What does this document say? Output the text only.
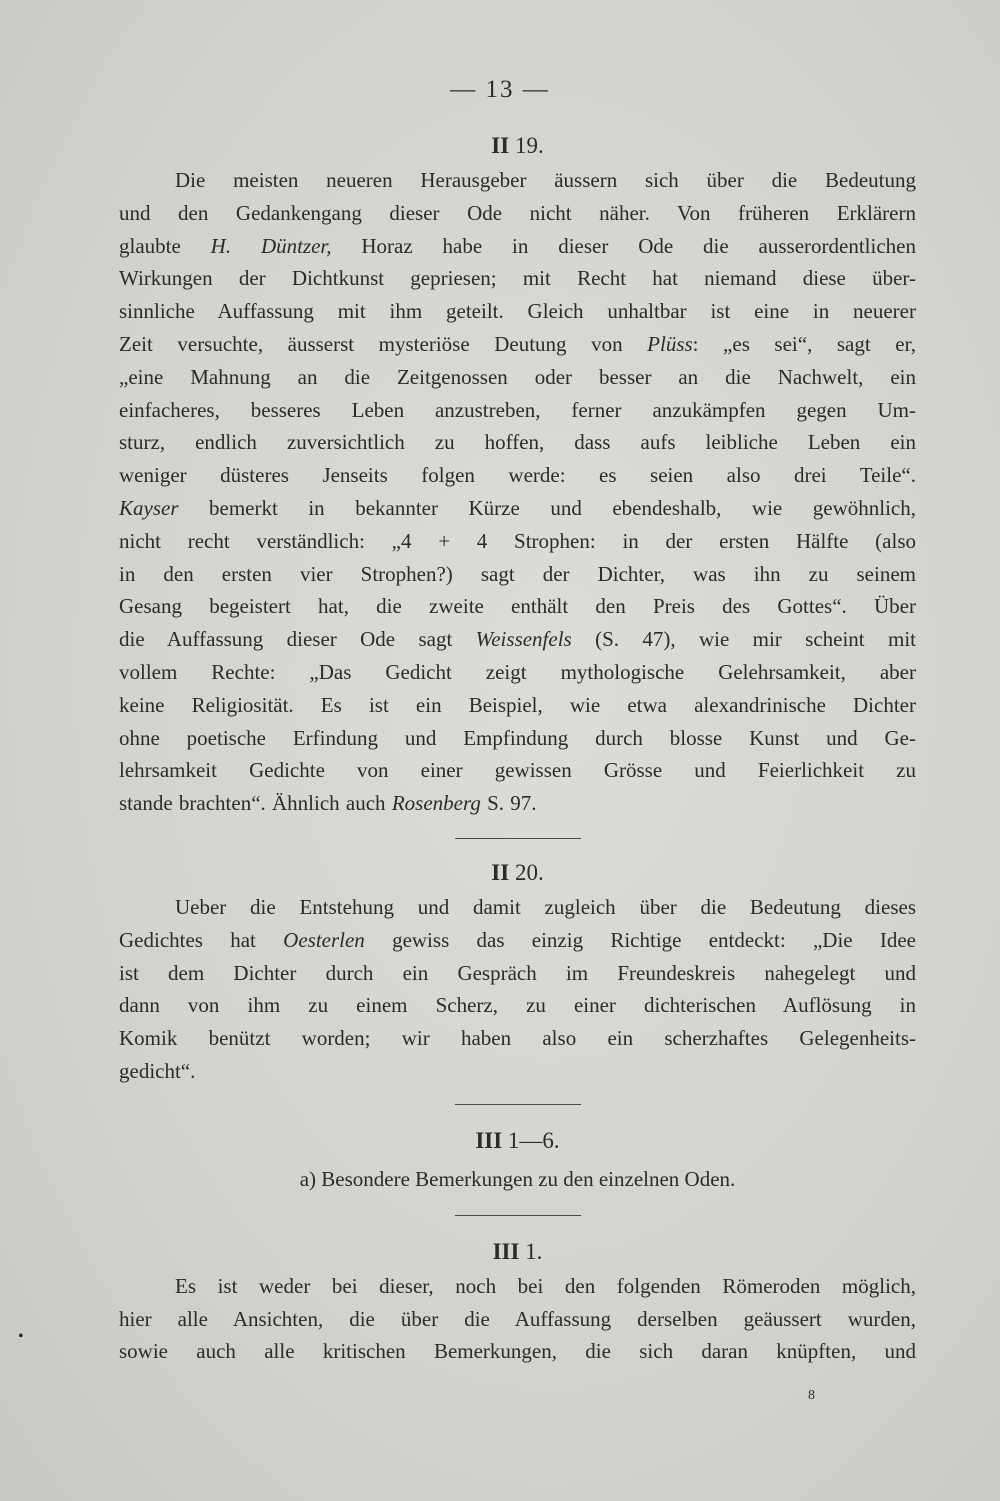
— 13 —
II 19.
Die meisten neueren Herausgeber äussern sich über die Bedeutung
und den Gedankengang dieser Ode nicht näher. Von früheren Erklärern
glaubte H. Düntzer, Horaz habe in dieser Ode die ausserordentlichen
Wirkungen der Dichtkunst gepriesen; mit Recht hat niemand diese über-
sinnliche Auffassung mit ihm geteilt. Gleich unhaltbar ist eine in neuerer
Zeit versuchte, äusserst mysteriöse Deutung von Plüss: „es sei“, sagt er,
„eine Mahnung an die Zeitgenossen oder besser an die Nachwelt, ein
einfacheres, besseres Leben anzustreben, ferner anzukämpfen gegen Um-
sturz, endlich zuversichtlich zu hoffen, dass aufs leibliche Leben ein
weniger düsteres Jenseits folgen werde: es seien also drei Teile“.
Kayser bemerkt in bekannter Kürze und ebendeshalb, wie gewöhnlich,
nicht recht verständlich: „4 + 4 Strophen: in der ersten Hälfte (also
in den ersten vier Strophen?) sagt der Dichter, was ihn zu seinem
Gesang begeistert hat, die zweite enthält den Preis des Gottes“. Über
die Auffassung dieser Ode sagt Weissenfels (S. 47), wie mir scheint mit
vollem Rechte: „Das Gedicht zeigt mythologische Gelehrsamkeit, aber
keine Religiosität. Es ist ein Beispiel, wie etwa alexandrinische Dichter
ohne poetische Erfindung und Empfindung durch blosse Kunst und Ge-
lehrsamkeit Gedichte von einer gewissen Grösse und Feierlichkeit zu
stande brachten“. Ähnlich auch Rosenberg S. 97.
II 20.
Ueber die Entstehung und damit zugleich über die Bedeutung dieses
Gedichtes hat Oesterlen gewiss das einzig Richtige entdeckt: „Die Idee
ist dem Dichter durch ein Gespräch im Freundeskreis nahegelegt und
dann von ihm zu einem Scherz, zu einer dichterischen Auflösung in
Komik benützt worden; wir haben also ein scherzhaftes Gelegenheits-
gedicht“.
III 1—6.
a) Besondere Bemerkungen zu den einzelnen Oden.
III 1.
Es ist weder bei dieser, noch bei den folgenden Römeroden möglich,
hier alle Ansichten, die über die Auffassung derselben geäussert wurden,
sowie auch alle kritischen Bemerkungen, die sich daran knüpften, und
8
•
